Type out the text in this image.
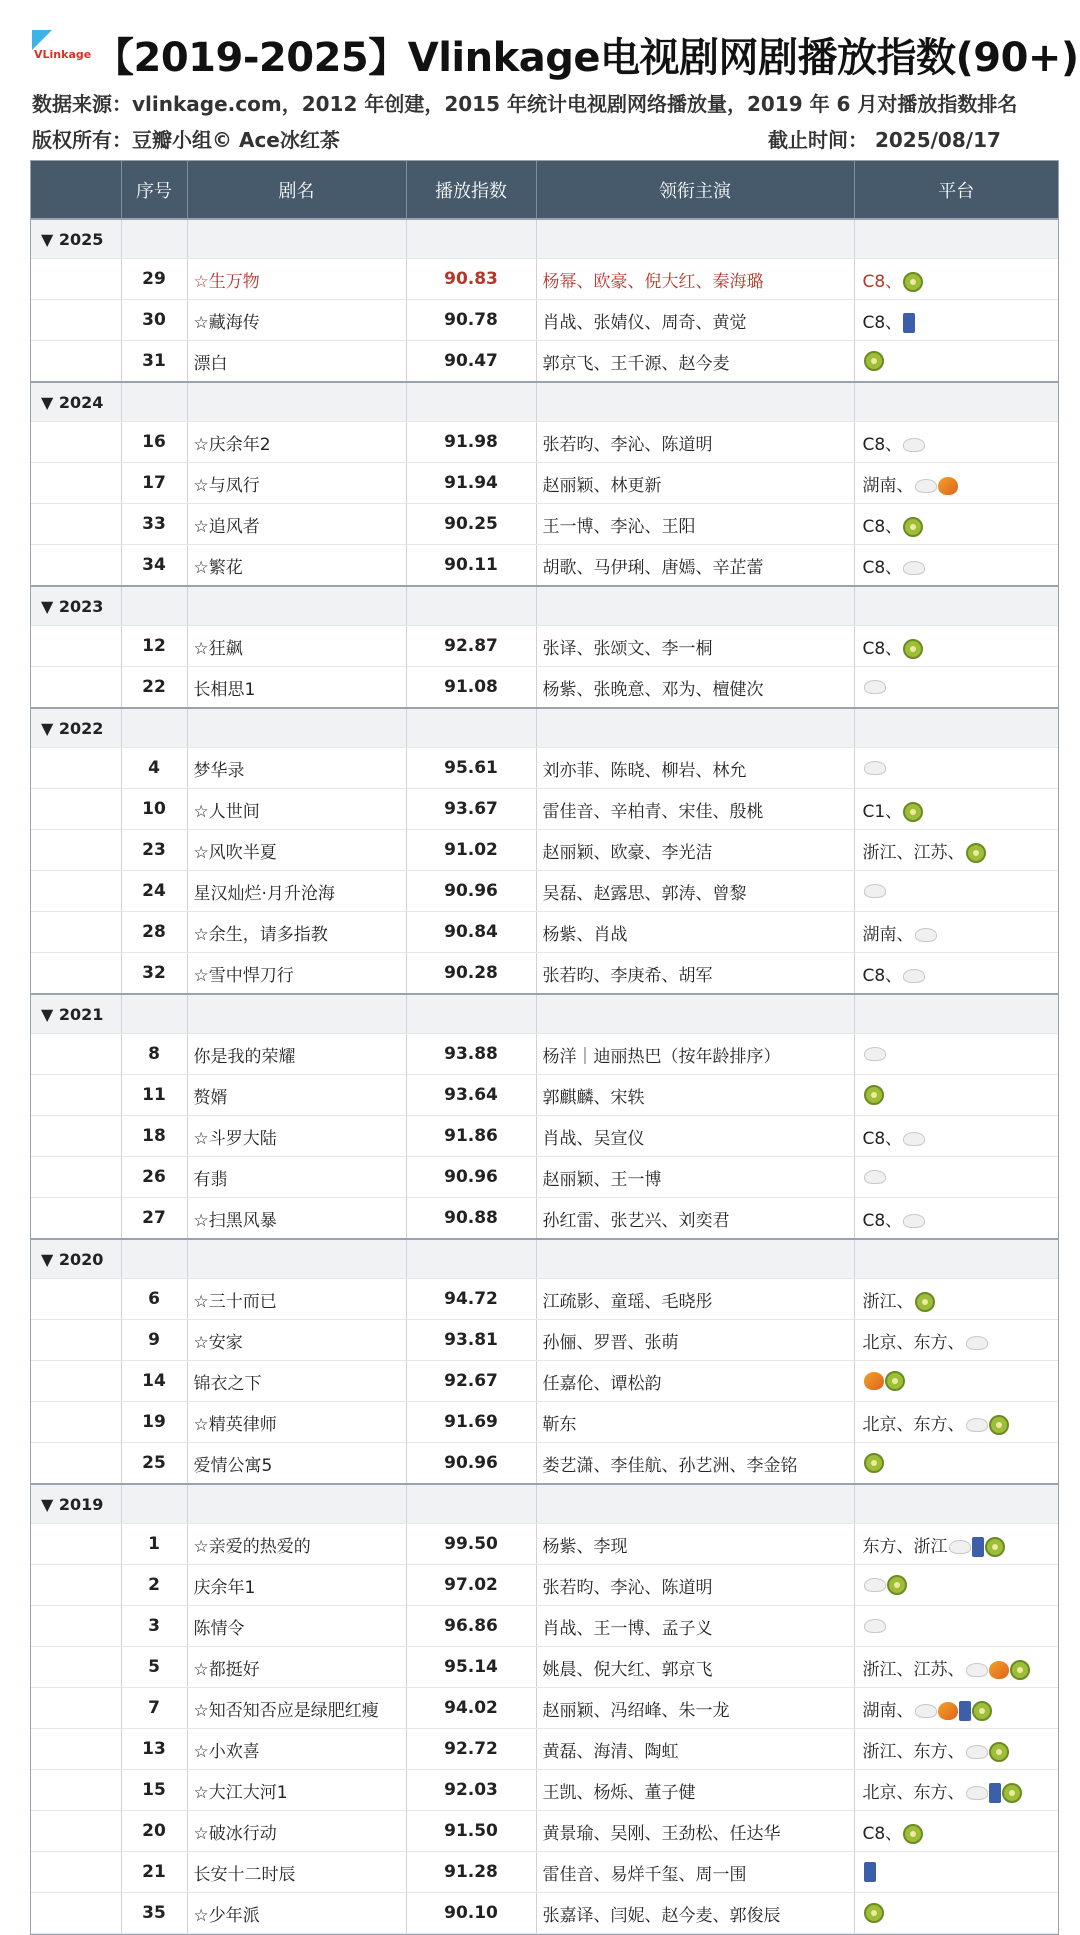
VLinkage 【2019-2025】Vlinkage电视剧网剧播放指数(90+)
数据来源：vlinkage.com，2012 年创建，2015 年统计电视剧网络播放量，2019 年 6 月对播放指数排名
版权所有：豆瓣小组© Ace冰红茶	截止时间： 2025/08/17
	序号	剧名	播放指数	领衔主演	平台
▼ 2025					
	29	☆生万物	90.83	杨幂、欧豪、倪大红、秦海璐	C8、
	30	☆藏海传	90.78	肖战、张婧仪、周奇、黄觉	C8、
	31	漂白	90.47	郭京飞、王千源、赵今麦	
▼ 2024					
	16	☆庆余年2	91.98	张若昀、李沁、陈道明	C8、
	17	☆与凤行	91.94	赵丽颖、林更新	湖南、
	33	☆追风者	90.25	王一博、李沁、王阳	C8、
	34	☆繁花	90.11	胡歌、马伊琍、唐嫣、辛芷蕾	C8、
▼ 2023					
	12	☆狂飙	92.87	张译、张颂文、李一桐	C8、
	22	长相思1	91.08	杨紫、张晚意、邓为、檀健次	
▼ 2022					
	4	梦华录	95.61	刘亦菲、陈晓、柳岩、林允	
	10	☆人世间	93.67	雷佳音、辛柏青、宋佳、殷桃	C1、
	23	☆风吹半夏	91.02	赵丽颖、欧豪、李光洁	浙江、江苏、
	24	星汉灿烂·月升沧海	90.96	吴磊、赵露思、郭涛、曾黎	
	28	☆余生，请多指教	90.84	杨紫、肖战	湖南、
	32	☆雪中悍刀行	90.28	张若昀、李庚希、胡军	C8、
▼ 2021					
	8	你是我的荣耀	93.88	杨洋｜迪丽热巴（按年龄排序）	
	11	赘婿	93.64	郭麒麟、宋轶	
	18	☆斗罗大陆	91.86	肖战、吴宣仪	C8、
	26	有翡	90.96	赵丽颖、王一博	
	27	☆扫黑风暴	90.88	孙红雷、张艺兴、刘奕君	C8、
▼ 2020					
	6	☆三十而已	94.72	江疏影、童瑶、毛晓彤	浙江、
	9	☆安家	93.81	孙俪、罗晋、张萌	北京、东方、
	14	锦衣之下	92.67	任嘉伦、谭松韵	
	19	☆精英律师	91.69	靳东	北京、东方、
	25	爱情公寓5	90.96	娄艺潇、李佳航、孙艺洲、李金铭	
▼ 2019					
	1	☆亲爱的热爱的	99.50	杨紫、李现	东方、浙江
	2	庆余年1	97.02	张若昀、李沁、陈道明	
	3	陈情令	96.86	肖战、王一博、孟子义	
	5	☆都挺好	95.14	姚晨、倪大红、郭京飞	浙江、江苏、
	7	☆知否知否应是绿肥红瘦	94.02	赵丽颖、冯绍峰、朱一龙	湖南、
	13	☆小欢喜	92.72	黄磊、海清、陶虹	浙江、东方、
	15	☆大江大河1	92.03	王凯、杨烁、董子健	北京、东方、
	20	☆破冰行动	91.50	黄景瑜、吴刚、王劲松、任达华	C8、
	21	长安十二时辰	91.28	雷佳音、易烊千玺、周一围	
	35	☆少年派	90.10	张嘉译、闫妮、赵今麦、郭俊辰	
